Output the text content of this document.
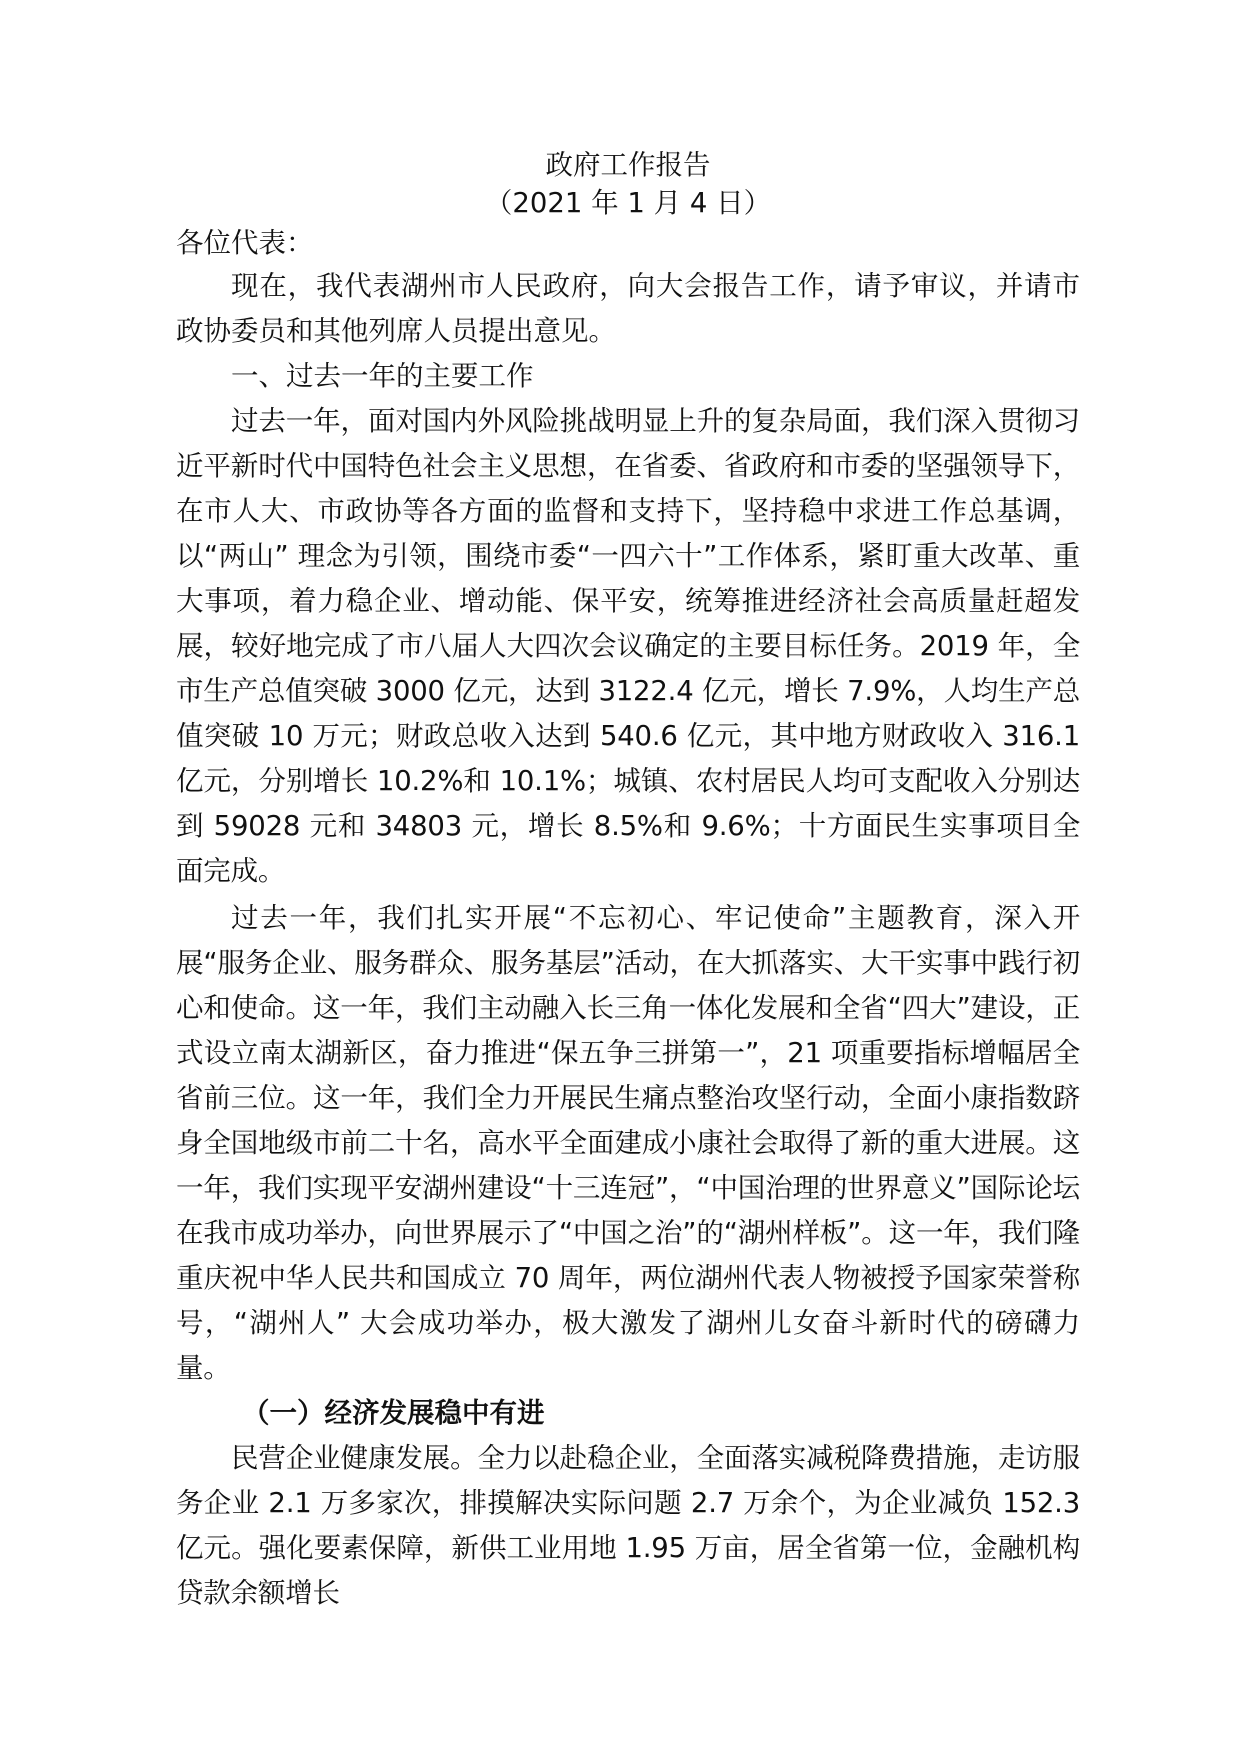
政府工作报告

（2021 年 1 月 4 日）

各位代表：

现在，我代表湖州市人民政府，向大会报告工作，请予审议，并请市政协委员和其他列席人员提出意见。

一、过去一年的主要工作

过去一年，面对国内外风险挑战明显上升的复杂局面，我们深入贯彻习近平新时代中国特色社会主义思想，在省委、省政府和市委的坚强领导下，在市人大、市政协等各方面的监督和支持下，坚持稳中求进工作总基调，以“两山” 理念为引领，围绕市委“一四六十”工作体系，紧盯重大改革、重大事项，着力稳企业、增动能、保平安，统筹推进经济社会高质量赶超发展，较好地完成了市八届人大四次会议确定的主要目标任务。2019 年，全市生产总值突破 3000 亿元，达到 3122.4 亿元，增长 7.9%，人均生产总值突破 10 万元；财政总收入达到 540.6 亿元，其中地方财政收入 316.1 亿元，分别增长 10.2%和 10.1%；城镇、农村居民人均可支配收入分别达到 59028 元和 34803 元，增长 8.5%和 9.6%；十方面民生实事项目全面完成。

过去一年，我们扎实开展“不忘初心、牢记使命”主题教育，深入开展“服务企业、服务群众、服务基层”活动，在大抓落实、大干实事中践行初心和使命。这一年，我们主动融入长三角一体化发展和全省“四大”建设，正式设立南太湖新区，奋力推进“保五争三拼第一”，21 项重要指标增幅居全省前三位。这一年，我们全力开展民生痛点整治攻坚行动，全面小康指数跻身全国地级市前二十名，高水平全面建成小康社会取得了新的重大进展。这一年，我们实现平安湖州建设“十三连冠”，“中国治理的世界意义”国际论坛在我市成功举办，向世界展示了“中国之治”的“湖州样板”。这一年，我们隆重庆祝中华人民共和国成立 70 周年，两位湖州代表人物被授予国家荣誉称号，“湖州人” 大会成功举办，极大激发了湖州儿女奋斗新时代的磅礴力量。

（一）经济发展稳中有进

民营企业健康发展。全力以赴稳企业，全面落实减税降费措施，走访服务企业 2.1 万多家次，排摸解决实际问题 2.7 万余个，为企业减负 152.3 亿元。强化要素保障，新供工业用地 1.95 万亩，居全省第一位，金融机构贷款余额增长
